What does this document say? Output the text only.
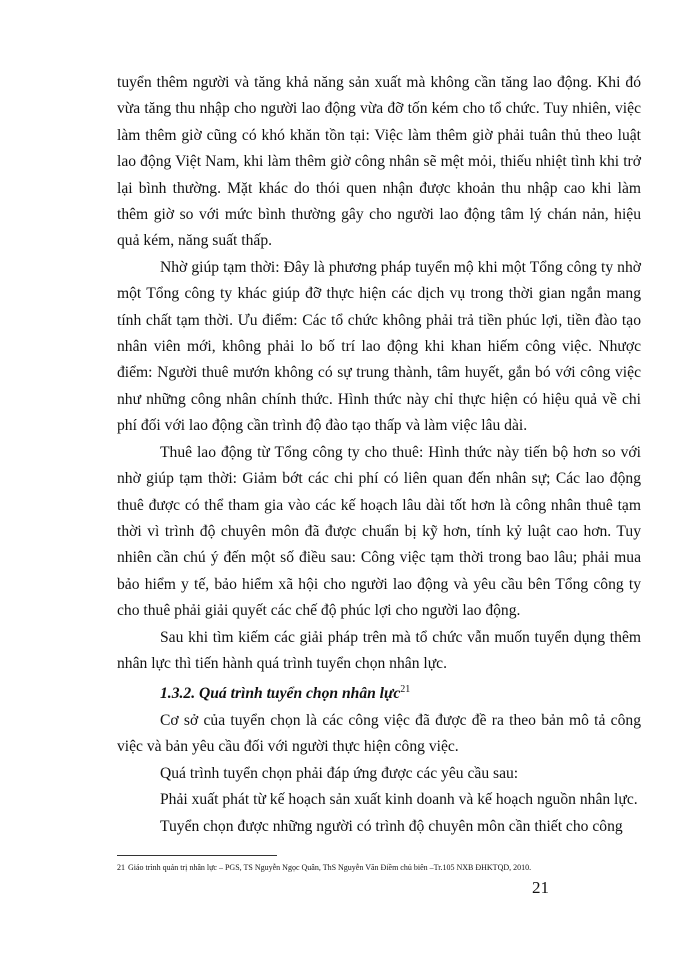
tuyển thêm người và tăng khả năng sản xuất mà không cần tăng lao động. Khi đó vừa tăng thu nhập cho người lao động vừa đỡ tốn kém cho tổ chức. Tuy nhiên, việc làm thêm giờ cũng có khó khăn tồn tại: Việc làm thêm giờ phải tuân thủ theo luật lao động Việt Nam, khi làm thêm giờ công nhân sẽ mệt mỏi, thiếu nhiệt tình khi trở lại bình thường. Mặt khác do thói quen nhận được khoản thu nhập cao khi làm thêm giờ so với mức bình thường gây cho người lao động tâm lý chán nản, hiệu quả kém, năng suất thấp.

Nhờ giúp tạm thời: Đây là phương pháp tuyển mộ khi một Tổng công ty nhờ một Tổng công ty khác giúp đỡ thực hiện các dịch vụ trong thời gian ngắn mang tính chất tạm thời. Ưu điểm: Các tổ chức không phải trả tiền phúc lợi, tiền đào tạo nhân viên mới, không phải lo bố trí lao động khi khan hiếm công việc. Nhược điểm: Người thuê mướn không có sự trung thành, tâm huyết, gắn bó với công việc như những công nhân chính thức. Hình thức này chỉ thực hiện có hiệu quả về chi phí đối với lao động cần trình độ đào tạo thấp và làm việc lâu dài.

Thuê lao động từ Tổng công ty cho thuê: Hình thức này tiến bộ hơn so với nhờ giúp tạm thời: Giảm bớt các chi phí có liên quan đến nhân sự; Các lao động thuê được có thể tham gia vào các kế hoạch lâu dài tốt hơn là công nhân thuê tạm thời vì trình độ chuyên môn đã được chuẩn bị kỹ hơn, tính kỷ luật cao hơn. Tuy nhiên cần chú ý đến một số điều sau: Công việc tạm thời trong bao lâu; phải mua bảo hiểm y tế, bảo hiểm xã hội cho người lao động và yêu cầu bên Tổng công ty cho thuê phải giải quyết các chế độ phúc lợi cho người lao động.

Sau khi tìm kiếm các giải pháp trên mà tổ chức vẫn muốn tuyển dụng thêm nhân lực thì tiến hành quá trình tuyển chọn nhân lực.

1.3.2. Quá trình tuyển chọn nhân lực$^{21}$

Cơ sở của tuyển chọn là các công việc đã được đề ra theo bản mô tả công việc và bản yêu cầu đối với người thực hiện công việc.

Quá trình tuyển chọn phải đáp ứng được các yêu cầu sau:

Phải xuất phát từ kế hoạch sản xuất kinh doanh và kế hoạch nguồn nhân lực.

Tuyển chọn được những người có trình độ chuyên môn cần thiết cho công

21 Giáo trình quản trị nhân lực – PGS, TS Nguyễn Ngọc Quân, ThS Nguyễn Văn Điềm chủ biên –Tr.105 NXB ĐHKTQD, 2010.
21
